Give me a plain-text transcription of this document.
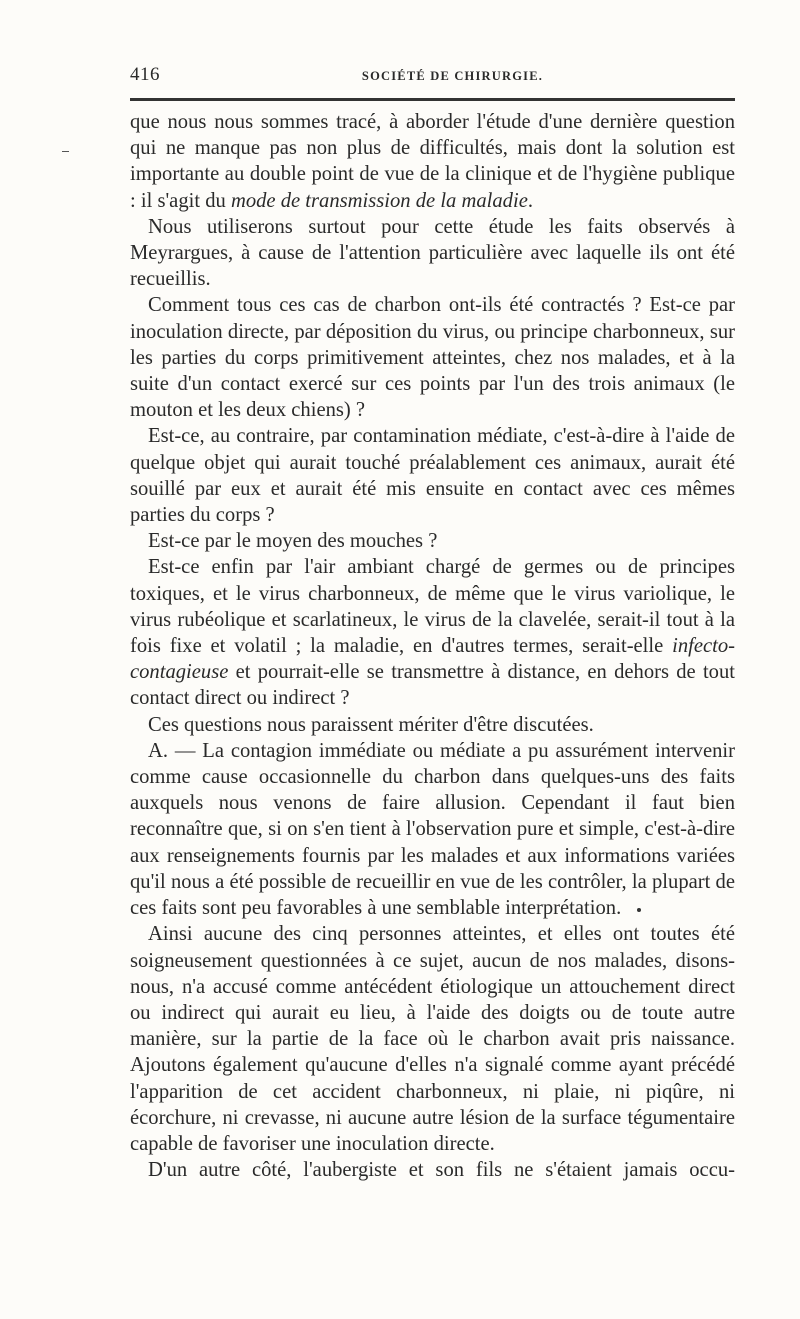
416	SOCIÉTÉ DE CHIRURGIE.

que nous nous sommes tracé, à aborder l'étude d'une dernière question qui ne manque pas non plus de difficultés, mais dont la solution est importante au double point de vue de la clinique et de l'hygiène publique : il s'agit du mode de transmission de la maladie.

Nous utiliserons surtout pour cette étude les faits observés à Meyrargues, à cause de l'attention particulière avec laquelle ils ont été recueillis.

Comment tous ces cas de charbon ont-ils été contractés ? Est-ce par inoculation directe, par déposition du virus, ou principe charbonneux, sur les parties du corps primitivement atteintes, chez nos malades, et à la suite d'un contact exercé sur ces points par l'un des trois animaux (le mouton et les deux chiens) ?

Est-ce, au contraire, par contamination médiate, c'est-à-dire à l'aide de quelque objet qui aurait touché préalablement ces animaux, aurait été souillé par eux et aurait été mis ensuite en contact avec ces mêmes parties du corps ?

Est-ce par le moyen des mouches ?

Est-ce enfin par l'air ambiant chargé de germes ou de principes toxiques, et le virus charbonneux, de même que le virus variolique, le virus rubéolique et scarlatineux, le virus de la clavelée, serait-il tout à la fois fixe et volatil ; la maladie, en d'autres termes, serait-elle infecto-contagieuse et pourrait-elle se transmettre à distance, en dehors de tout contact direct ou indirect ?

Ces questions nous paraissent mériter d'être discutées.

A. — La contagion immédiate ou médiate a pu assurément intervenir comme cause occasionnelle du charbon dans quelques-uns des faits auxquels nous venons de faire allusion. Cependant il faut bien reconnaître que, si on s'en tient à l'observation pure et simple, c'est-à-dire aux renseignements fournis par les malades et aux informations variées qu'il nous a été possible de recueillir en vue de les contrôler, la plupart de ces faits sont peu favorables à une semblable interprétation.

Ainsi aucune des cinq personnes atteintes, et elles ont toutes été soigneusement questionnées à ce sujet, aucun de nos malades, disons-nous, n'a accusé comme antécédent étiologique un attouchement direct ou indirect qui aurait eu lieu, à l'aide des doigts ou de toute autre manière, sur la partie de la face où le charbon avait pris naissance. Ajoutons également qu'aucune d'elles n'a signalé comme ayant précédé l'apparition de cet accident charbonneux, ni plaie, ni piqûre, ni écorchure, ni crevasse, ni aucune autre lésion de la surface tégumentaire capable de favoriser une inoculation directe.

D'un autre côté, l'aubergiste et son fils ne s'étaient jamais occu-
